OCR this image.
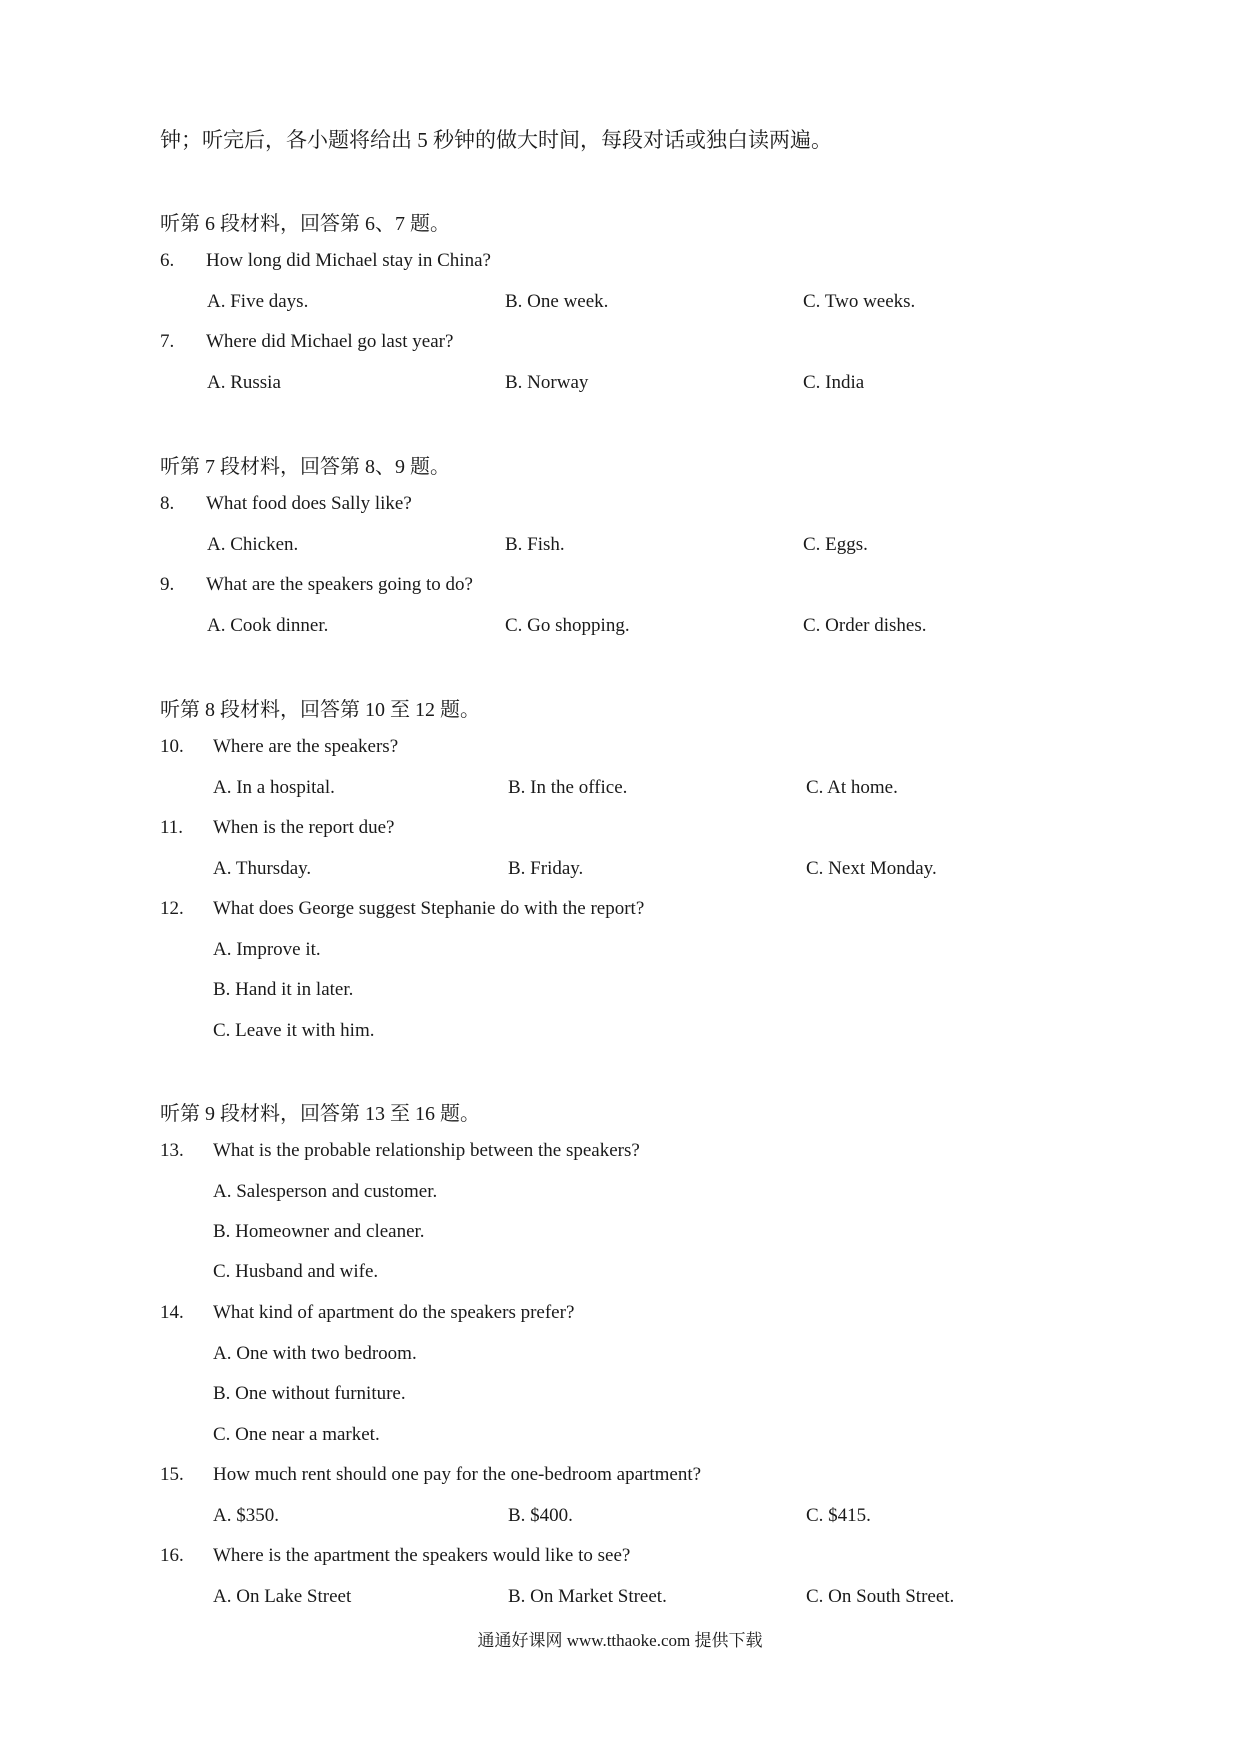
钟；听完后，各小题将给出 5 秒钟的做大时间，每段对话或独白读两遍。
听第 6 段材料，回答第 6、7 题。
6. How long did Michael stay in China?
A. Five days.	B. One week.	C. Two weeks.
7. Where did Michael go last year?
A. Russia	B. Norway	C. India
听第 7 段材料，回答第 8、9 题。
8. What food does Sally like?
A. Chicken.	B. Fish.	C. Eggs.
9. What are the speakers going to do?
A. Cook dinner.	C. Go shopping.	C. Order dishes.
听第 8 段材料，回答第 10 至 12 题。
10. Where are the speakers?
A. In a hospital.	B. In the office.	C. At home.
11. When is the report due?
A. Thursday.	B. Friday.	C. Next Monday.
12. What does George suggest Stephanie do with the report?
A. Improve it.
B. Hand it in later.
C. Leave it with him.
听第 9 段材料，回答第 13 至 16 题。
13. What is the probable relationship between the speakers?
A. Salesperson and customer.
B. Homeowner and cleaner.
C. Husband and wife.
14. What kind of apartment do the speakers prefer?
A. One with two bedroom.
B. One without furniture.
C. One near a market.
15. How much rent should one pay for the one-bedroom apartment?
A. $350.	B. $400.	C. $415.
16. Where is the apartment the speakers would like to see?
A. On Lake Street	B. On Market Street.	C. On South Street.
通通好课网 www.tthaoke.com 提供下载
